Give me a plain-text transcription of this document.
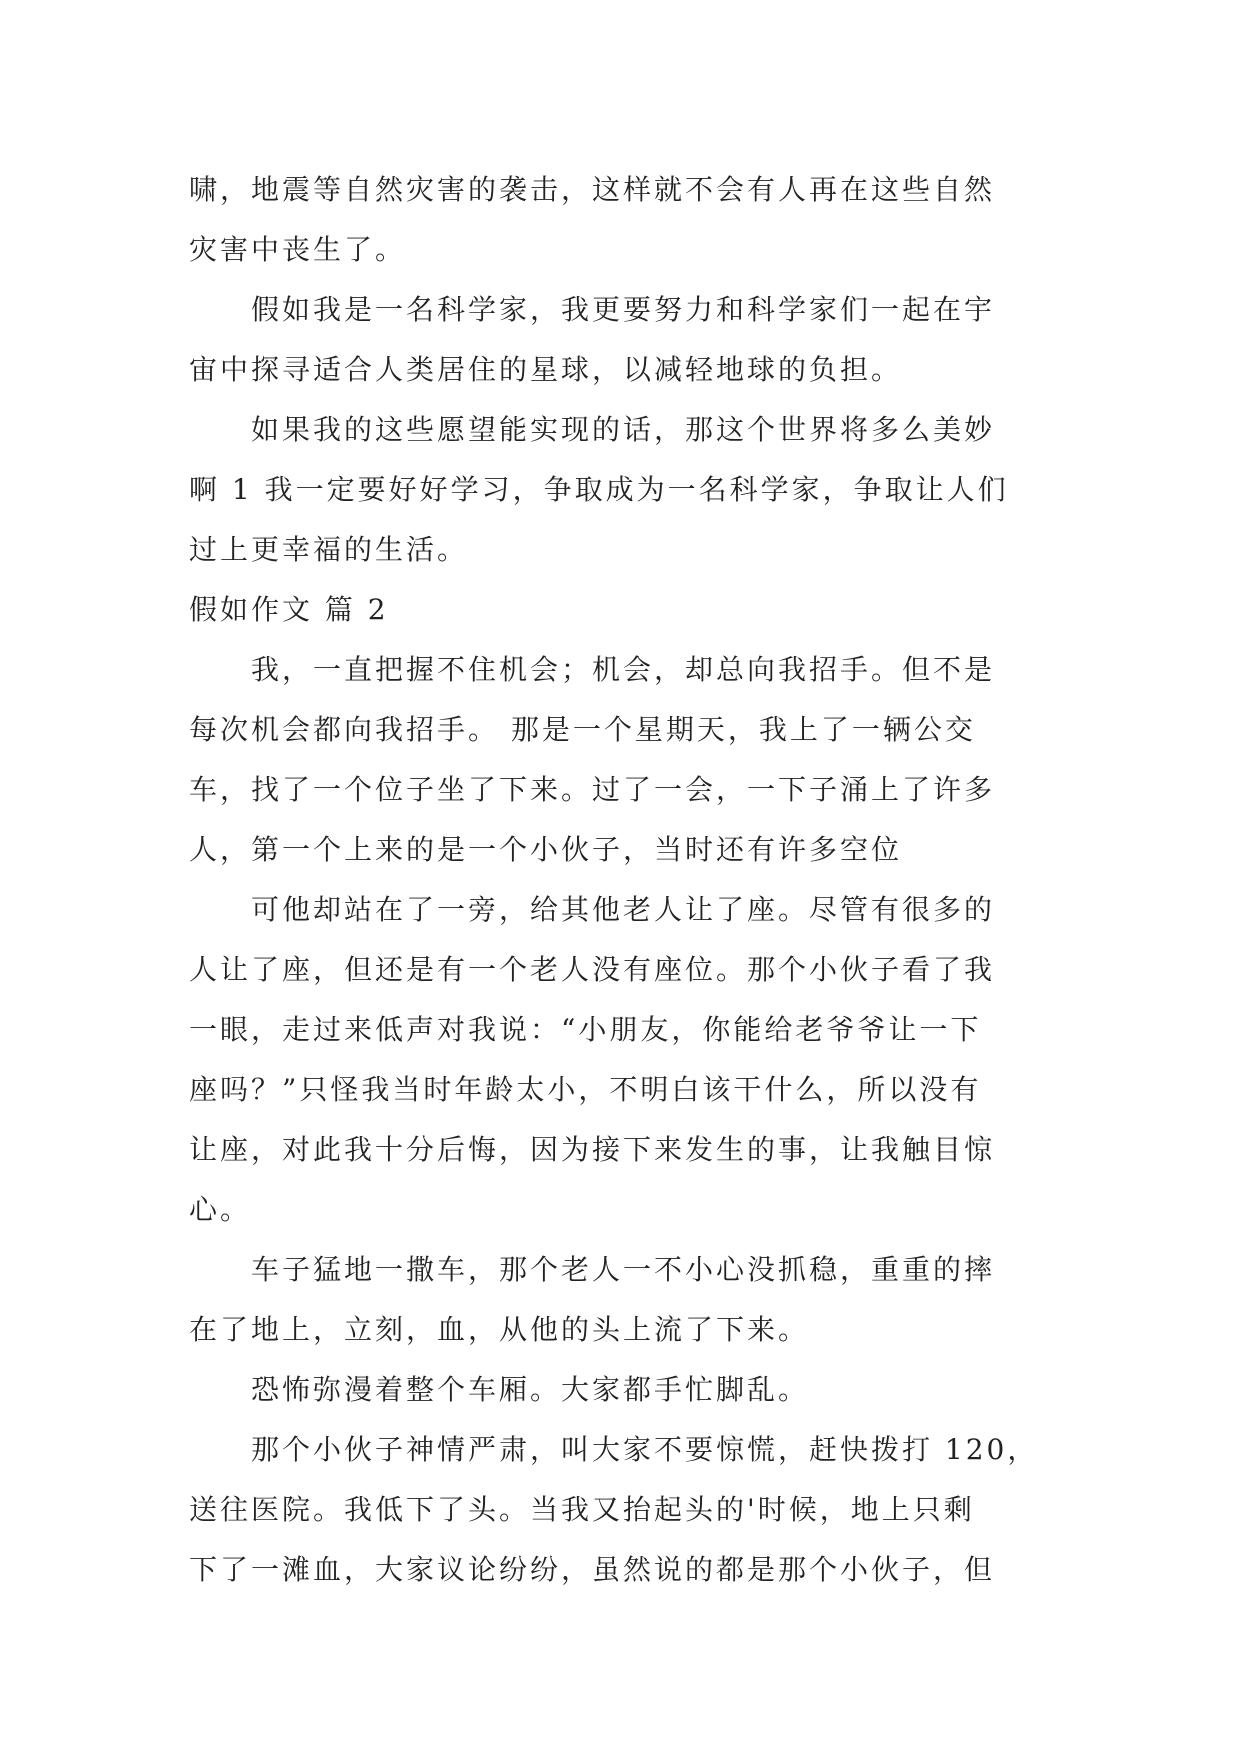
啸，地震等自然灾害的袭击，这样就不会有人再在这些自然

灾害中丧生了。

假如我是一名科学家，我更要努力和科学家们一起在宇

宙中探寻适合人类居住的星球，以减轻地球的负担。

如果我的这些愿望能实现的话，那这个世界将多么美妙

啊 1 我一定要好好学习，争取成为一名科学家，争取让人们

过上更幸福的生活。

假如作文 篇 2

我，一直把握不住机会；机会，却总向我招手。但不是

每次机会都向我招手。 那是一个星期天，我上了一辆公交

车，找了一个位子坐了下来。过了一会，一下子涌上了许多

人，第一个上来的是一个小伙子，当时还有许多空位

可他却站在了一旁，给其他老人让了座。尽管有很多的

人让了座，但还是有一个老人没有座位。那个小伙子看了我

一眼，走过来低声对我说：“小朋友，你能给老爷爷让一下

座吗？”只怪我当时年龄太小，不明白该干什么，所以没有

让座，对此我十分后悔，因为接下来发生的事，让我触目惊

心。

车子猛地一撒车，那个老人一不小心没抓稳，重重的摔

在了地上，立刻，血，从他的头上流了下来。

恐怖弥漫着整个车厢。大家都手忙脚乱。

那个小伙子神情严肃，叫大家不要惊慌，赶快拨打 120，

送往医院。我低下了头。当我又抬起头的'时候，地上只剩

下了一滩血，大家议论纷纷，虽然说的都是那个小伙子，但
